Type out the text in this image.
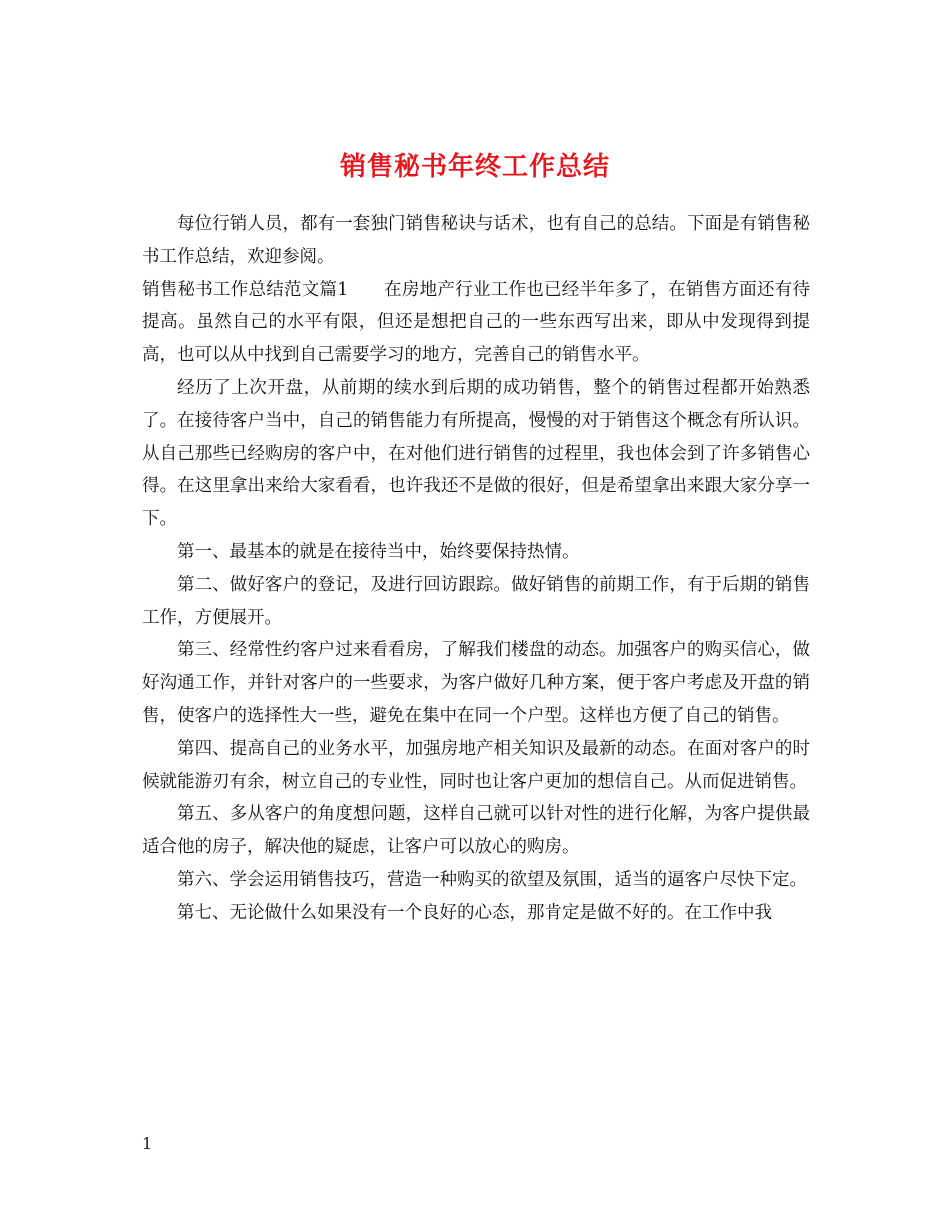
销售秘书年终工作总结

每位行销人员，都有一套独门销售秘诀与话术，也有自己的总结。下面是有销售秘书工作总结，欢迎参阅。

销售秘书工作总结范文篇1　　在房地产行业工作也已经半年多了，在销售方面还有待提高。虽然自己的水平有限，但还是想把自己的一些东西写出来，即从中发现得到提高，也可以从中找到自己需要学习的地方，完善自己的销售水平。

经历了上次开盘，从前期的续水到后期的成功销售，整个的销售过程都开始熟悉了。在接待客户当中，自己的销售能力有所提高，慢慢的对于销售这个概念有所认识。从自己那些已经购房的客户中，在对他们进行销售的过程里，我也体会到了许多销售心得。在这里拿出来给大家看看，也许我还不是做的很好，但是希望拿出来跟大家分享一下。

第一、最基本的就是在接待当中，始终要保持热情。

第二、做好客户的登记，及进行回访跟踪。做好销售的前期工作，有于后期的销售工作，方便展开。

第三、经常性约客户过来看看房，了解我们楼盘的动态。加强客户的购买信心，做好沟通工作，并针对客户的一些要求，为客户做好几种方案，便于客户考虑及开盘的销售，使客户的选择性大一些，避免在集中在同一个户型。这样也方便了自己的销售。

第四、提高自己的业务水平，加强房地产相关知识及最新的动态。在面对客户的时候就能游刃有余，树立自己的专业性，同时也让客户更加的想信自己。从而促进销售。

第五、多从客户的角度想问题，这样自己就可以针对性的进行化解，为客户提供最适合他的房子，解决他的疑虑，让客户可以放心的购房。

第六、学会运用销售技巧，营造一种购买的欲望及氛围，适当的逼客户尽快下定。

第七、无论做什么如果没有一个良好的心态，那肯定是做不好的。在工作中我

1
